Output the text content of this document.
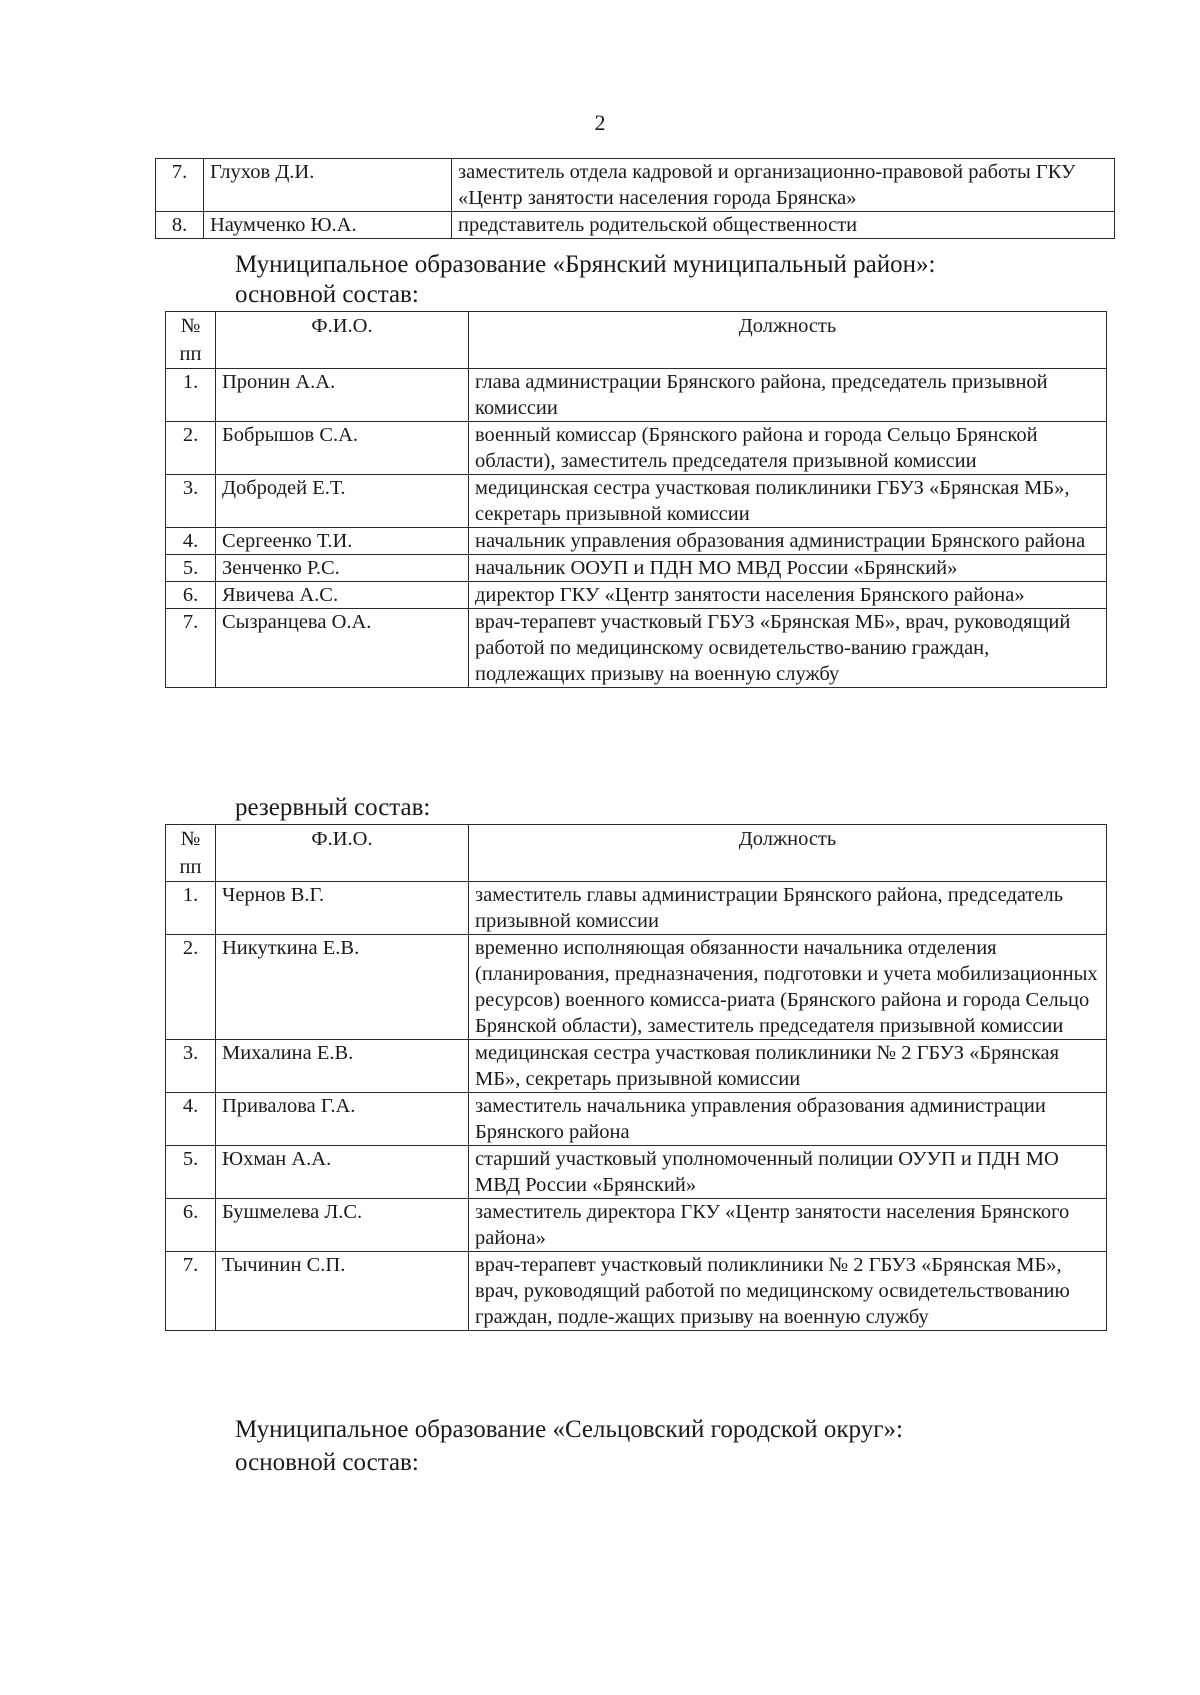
2
7.	Глухов Д.И.	заместитель отдела кадровой и организационно-правовой работы ГКУ «Центр занятости населения города Брянска»
8.	Наумченко Ю.А.	представитель родительской общественности
Муниципальное образование «Брянский муниципальный район»:
основной состав:
№
пп	Ф.И.О.	Должность
1.	Пронин А.А.	глава администрации Брянского района, председатель призывной комиссии
2.	Бобрышов С.А.	военный комиссар (Брянского района и города Сельцо Брянской области), заместитель председателя призывной комиссии
3.	Добродей Е.Т.	медицинская сестра участковая поликлиники ГБУЗ «Брянская МБ», секретарь призывной комиссии
4.	Сергеенко Т.И.	начальник управления образования администрации Брянского района
5.	Зенченко Р.С.	начальник ООУП и ПДН МО МВД России «Брянский»
6.	Явичева А.С.	директор ГКУ «Центр занятости населения Брянского района»
7.	Сызранцева О.А.	врач-терапевт участковый ГБУЗ «Брянская МБ», врач, руководящий работой по медицинскому освидетельство-ванию граждан, подлежащих призыву на военную службу
резервный состав:
№
пп	Ф.И.О.	Должность
1.	Чернов В.Г.	заместитель главы администрации Брянского района, председатель призывной комиссии
2.	Никуткина Е.В.	временно исполняющая обязанности начальника отделения (планирования, предназначения, подготовки и учета мобилизационных ресурсов) военного комисса-риата (Брянского района и города Сельцо Брянской области), заместитель председателя призывной комиссии
3.	Михалина Е.В.	медицинская сестра участковая поликлиники № 2 ГБУЗ «Брянская МБ», секретарь призывной комиссии
4.	Привалова Г.А.	заместитель начальника управления образования администрации Брянского района
5.	Юхман А.А.	старший участковый уполномоченный полиции ОУУП и ПДН МО МВД России «Брянский»
6.	Бушмелева Л.С.	заместитель директора ГКУ «Центр занятости населения Брянского района»
7.	Тычинин С.П.	врач-терапевт участковый поликлиники № 2 ГБУЗ «Брянская МБ», врач, руководящий работой по медицинскому освидетельствованию граждан, подле-жащих призыву на военную службу
Муниципальное образование «Сельцовский городской округ»:
основной состав:
